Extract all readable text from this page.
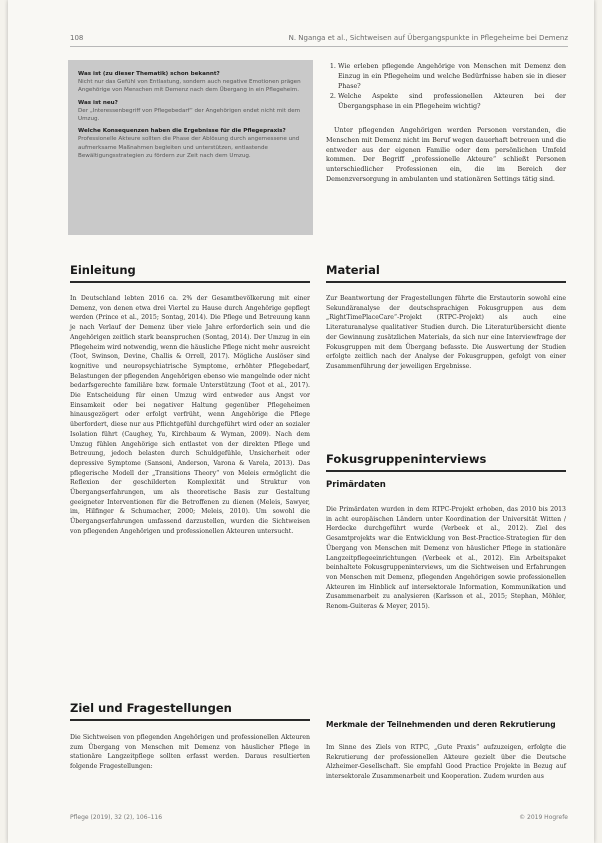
108	N. Nganga et al., Sichtweisen auf Übergangspunkte in Pflegeheime bei Demenz
Was ist (zu dieser Thematik) schon bekannt?
Nicht nur das Gefühl von Entlastung, sondern auch negative Emotionen prägen Angehörige von Menschen mit Demenz nach dem Übergang in ein Pflegeheim.
Was ist neu?
Der „Interessenbegriff von Pflegebedarf“ der Angehörigen endet nicht mit dem Umzug.
Welche Konsequenzen haben die Ergebnisse für die Pflegepraxis?
Professionelle Akteure sollten die Phase der Ablösung durch angemessene und aufmerksame Maßnahmen begleiten und unterstützen, entlastende Bewältigungsstrategien zu fördern zur Zeit nach dem Umzug.
1. Wie erleben pflegende Angehörige von Menschen mit Demenz den Einzug in ein Pflegeheim und welche Bedürfnisse haben sie in dieser Phase?
2. Welche Aspekte sind professionellen Akteuren bei der Übergangsphase in ein Pflegeheim wichtig?

Unter pflegenden Angehörigen werden Personen verstanden, die Menschen mit Demenz nicht im Beruf wegen dauerhaft betreuen und die entweder aus der eigenen Familie oder dem persönlichen Umfeld kommen. Der Begriff „professionelle Akteure“ schließt Personen unterschiedlicher Professionen ein, die im Bereich der Demenzversorgung in ambulanten und stationären Settings tätig sind.

Einleitung

In Deutschland lebten 2016 ca. 2% der Gesamtbevölkerung mit einer Demenz, von denen etwa drei Viertel zu Hause durch Angehörige gepflegt werden (Prince et al., 2015; Sontag, 2014). Die Pflege und Betreuung kann je nach Verlauf der Demenz über viele Jahre erforderlich sein und die Angehörigen zeitlich stark beanspruchen (Sontag, 2014). Der Umzug in ein Pflegeheim wird notwendig, wenn die häusliche Pflege nicht mehr ausreicht (Toot, Swinson, Devine, Challis & Orrell, 2017). Mögliche Auslöser sind kognitive und neuropsychiatrische Symptome, erhöhter Pflegebedarf, Belastungen der pflegenden Angehörigen ebenso wie mangelnde oder nicht bedarfsgerechte familiäre bzw. formale Unterstützung (Toot et al., 2017). Die Entscheidung für einen Umzug wird entweder aus Angst vor Einsamkeit oder bei negativer Haltung gegenüber Pflegeheimen hinausgezögert oder erfolgt verfrüht, wenn Angehörige die Pflege überfordert, diese nur aus Pflichtgefühl durchgeführt wird oder an sozialer Isolation führt (Caughey, Yu, Kirchbaum & Wyman, 2009). Nach dem Umzug fühlen Angehörige sich entlastet von der direkten Pflege und Betreuung, jedoch belasten durch Schuldgefühle, Unsicherheit oder depressive Symptome (Sansoni, Anderson, Varona & Varela, 2013). Das pflegerische Modell der „Transitions Theory“ von Meleis ermöglicht die Reflexion der geschilderten Komplexität und Struktur von Übergangserfahrungen, um als theoretische Basis zur Gestaltung geeigneter Interventionen für die Betroffenen zu dienen (Meleis, Sawyer, im, Hilfinger & Schumacher, 2000; Meleis, 2010). Um sowohl die Übergangserfahrungen umfassend darzustellen, wurden die Sichtweisen von pflegenden Angehörigen und professionellen Akteuren untersucht.

Ziel und Fragestellungen

Die Sichtweisen von pflegenden Angehörigen und professionellen Akteuren zum Übergang von Menschen mit Demenz von häuslicher Pflege in stationäre Langzeitpflege sollten erfasst werden. Daraus resultierten folgende Fragestellungen:

Material

Zur Beantwortung der Fragestellungen führte die Erstautorin sowohl eine Sekundäranalyse der deutschsprachigen Fokusgruppen aus dem „RightTimePlaceCare“-Projekt (RTPC-Projekt) als auch eine Literaturanalyse qualitativer Studien durch. Die Literaturübersicht diente der Gewinnung zusätzlichen Materials, da sich nur eine Interviewfrage der Fokusgruppen mit dem Übergang befasste. Die Auswertung der Studien erfolgte zeitlich nach der Analyse der Fokusgruppen, gefolgt von einer Zusammenführung der jeweiligen Ergebnisse.

Fokusgruppeninterviews
Primärdaten

Die Primärdaten wurden in dem RTPC-Projekt erhoben, das 2010 bis 2013 in acht europäischen Ländern unter Koordination der Universität Witten / Herdecke durchgeführt wurde (Verbeek et al., 2012). Ziel des Gesamtprojekts war die Entwicklung von Best-Practice-Strategien für den Übergang von Menschen mit Demenz von häuslicher Pflege in stationäre Langzeitpflegeeinrichtungen (Verbeek et al., 2012). Ein Arbeitspaket beinhaltete Fokusgruppeninterviews, um die Sichtweisen und Erfahrungen von Menschen mit Demenz, pflegenden Angehörigen sowie professionellen Akteuren im Hinblick auf intersektorale Information, Kommunikation und Zusammenarbeit zu analysieren (Karlsson et al., 2015; Stephan, Möhler, Renom-Guiteras & Meyer, 2015).

Merkmale der Teilnehmenden und deren Rekrutierung

Im Sinne des Ziels von RTPC, „Gute Praxis“ aufzuzeigen, erfolgte die Rekrutierung der professionellen Akteure gezielt über die Deutsche Alzheimer-Gesellschaft. Sie empfahl Good Practice Projekte in Bezug auf intersektorale Zusammenarbeit und Kooperation. Zudem wurden aus

Pflege (2019), 32 (2), 106–116	© 2019 Hogrefe
